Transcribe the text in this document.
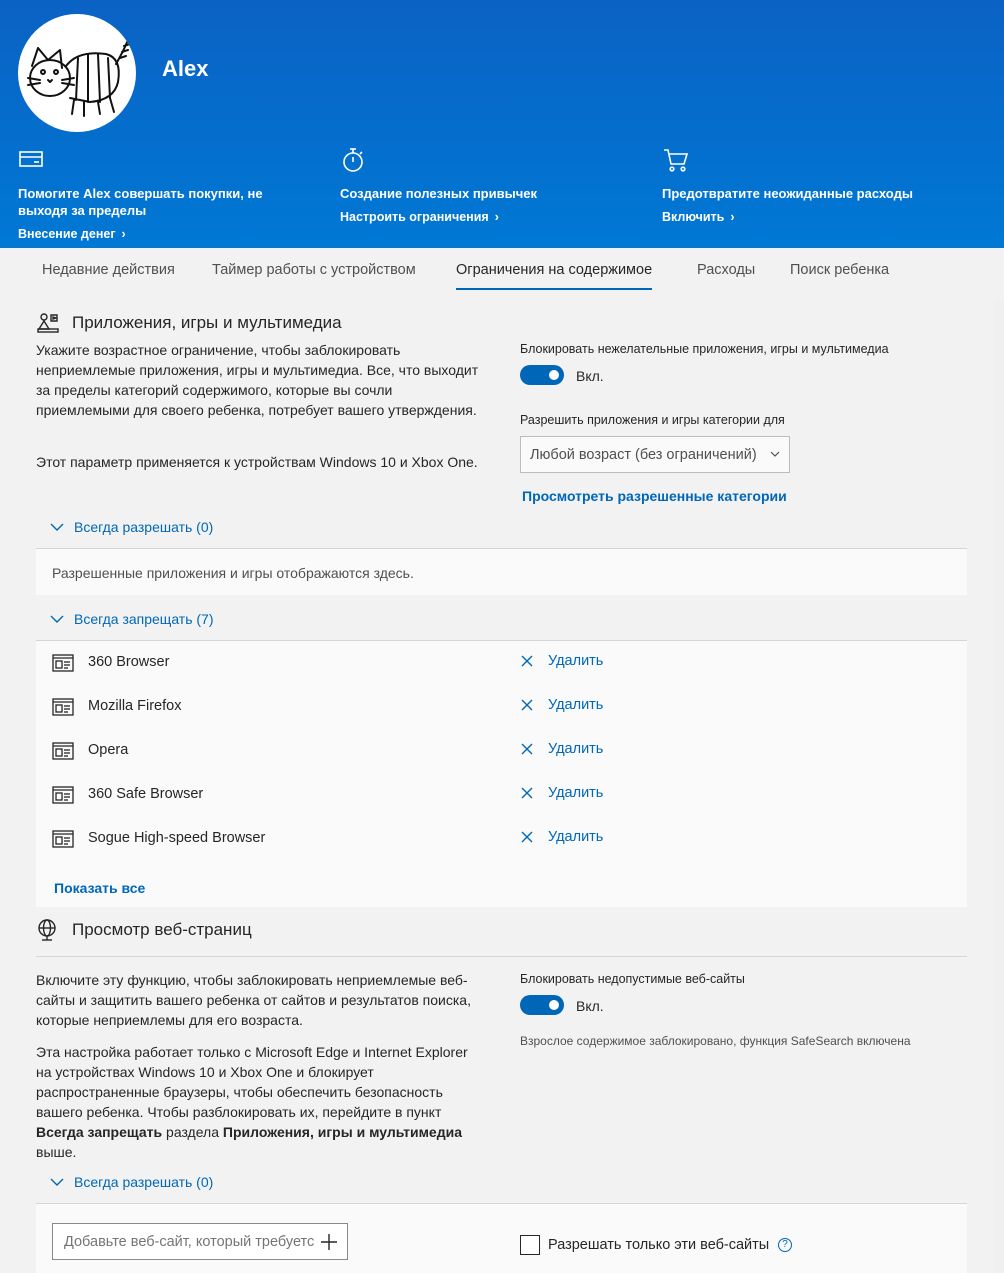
Alex
Помогите Alex совершать покупки, не выходя за пределы
Внесение денег ›
Создание полезных привычек
Настроить ограничения ›
Предотвратите неожиданные расходы
Включить ›
Недавние действия	Таймер работы с устройством	Ограничения на содержимое	Расходы Поиск ребенка
Приложения, игры и мультимедиа
Укажите возрастное ограничение, чтобы заблокировать неприемлемые приложения, игры и мультимедиа. Все, что выходит за пределы категорий содержимого, которые вы сочли приемлемыми для своего ребенка, потребует вашего утверждения.
Этот параметр применяется к устройствам Windows 10 и Xbox One.
Блокировать нежелательные приложения, игры и мультимедиа
Вкл.
Разрешить приложения и игры категории для
Любой возраст (без ограничений)
Просмотреть разрешенные категории
Всегда разрешать (0)
Разрешенные приложения и игры отображаются здесь.
Всегда запрещать (7)
360 Browser	Удалить
Mozilla Firefox	Удалить
Opera	Удалить
360 Safe Browser	Удалить
Sogue High-speed Browser	Удалить
Показать все
Просмотр веб-страниц
Включите эту функцию, чтобы заблокировать неприемлемые веб-сайты и защитить вашего ребенка от сайтов и результатов поиска, которые неприемлемы для его возраста.
Эта настройка работает только с Microsoft Edge и Internet Explorer на устройствах Windows 10 и Xbox One и блокирует распространенные браузеры, чтобы обеспечить безопасность вашего ребенка. Чтобы разблокировать их, перейдите в пункт Всегда запрещать раздела Приложения, игры и мультимедиа выше.
Блокировать недопустимые веб-сайты
Вкл.
Взрослое содержимое заблокировано, функция SafeSearch включена
Всегда разрешать (0)
Добавьте веб-сайт, который требуется разрешить
Разрешать только эти веб-сайты	?
